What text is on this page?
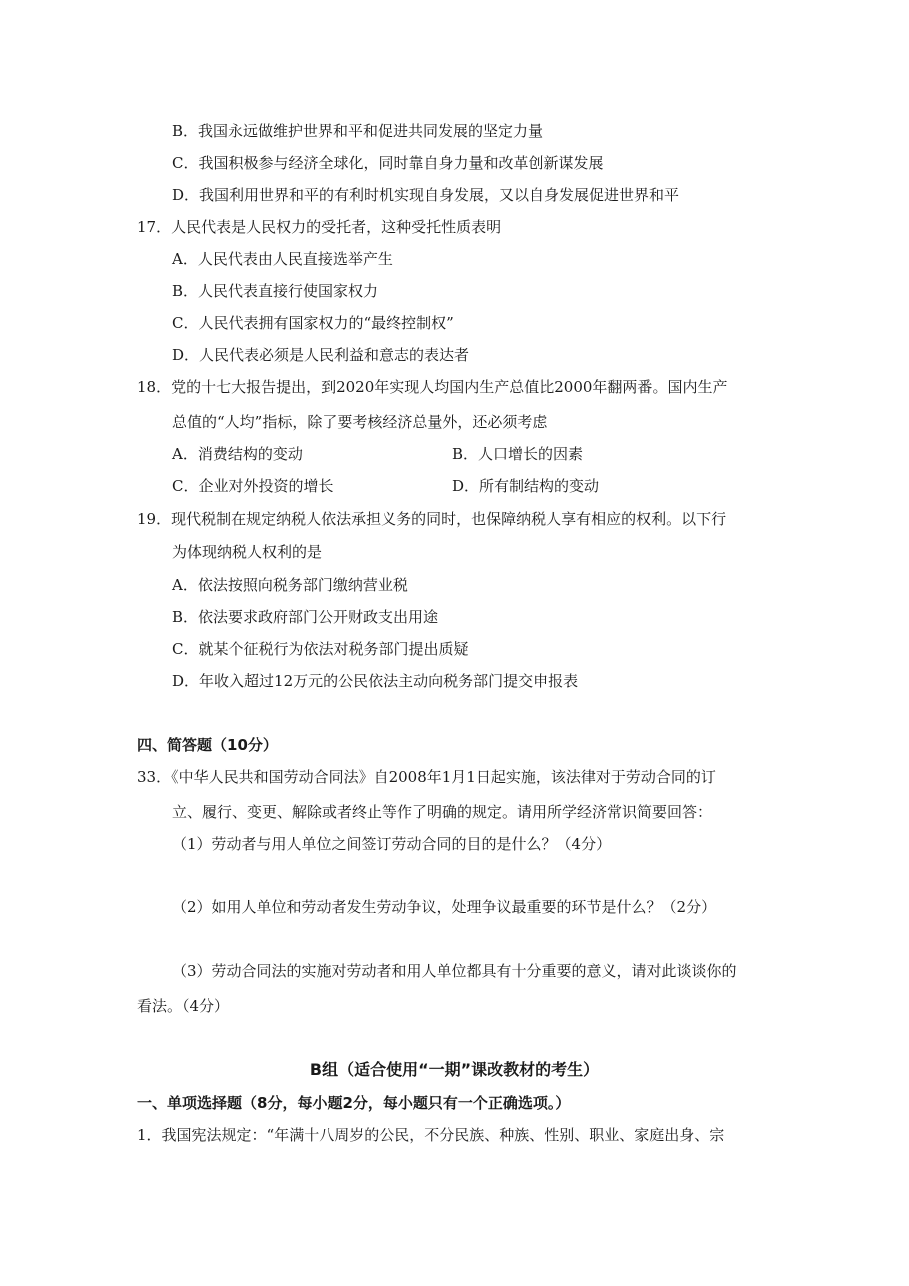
B．我国永远做维护世界和平和促进共同发展的坚定力量
C．我国积极参与经济全球化，同时靠自身力量和改革创新谋发展
D．我国利用世界和平的有利时机实现自身发展，又以自身发展促进世界和平
17．人民代表是人民权力的受托者，这种受托性质表明
A．人民代表由人民直接选举产生
B．人民代表直接行使国家权力
C．人民代表拥有国家权力的“最终控制权”
D．人民代表必须是人民利益和意志的表达者
18．党的十七大报告提出，到2020年实现人均国内生产总值比2000年翻两番。国内生产
总值的“人均”指标，除了要考核经济总量外，还必须考虑
A．消费结构的变动	B．人口增长的因素
C．企业对外投资的增长	D．所有制结构的变动
19．现代税制在规定纳税人依法承担义务的同时，也保障纳税人享有相应的权利。以下行
为体现纳税人权利的是
A．依法按照向税务部门缴纳营业税
B．依法要求政府部门公开财政支出用途
C．就某个征税行为依法对税务部门提出质疑
D．年收入超过12万元的公民依法主动向税务部门提交申报表
四、简答题（10分）
33．《中华人民共和国劳动合同法》自2008年1月1日起实施，该法律对于劳动合同的订
立、履行、变更、解除或者终止等作了明确的规定。请用所学经济常识简要回答：
（1）劳动者与用人单位之间签订劳动合同的目的是什么？（4分）
（2）如用人单位和劳动者发生劳动争议，处理争议最重要的环节是什么？（2分）
（3）劳动合同法的实施对劳动者和用人单位都具有十分重要的意义，请对此谈谈你的
看法。（4分）
B组（适合使用“一期”课改教材的考生）
一、单项选择题（8分，每小题2分，每小题只有一个正确选项。）
1．我国宪法规定：“年满十八周岁的公民，不分民族、种族、性别、职业、家庭出身、宗
